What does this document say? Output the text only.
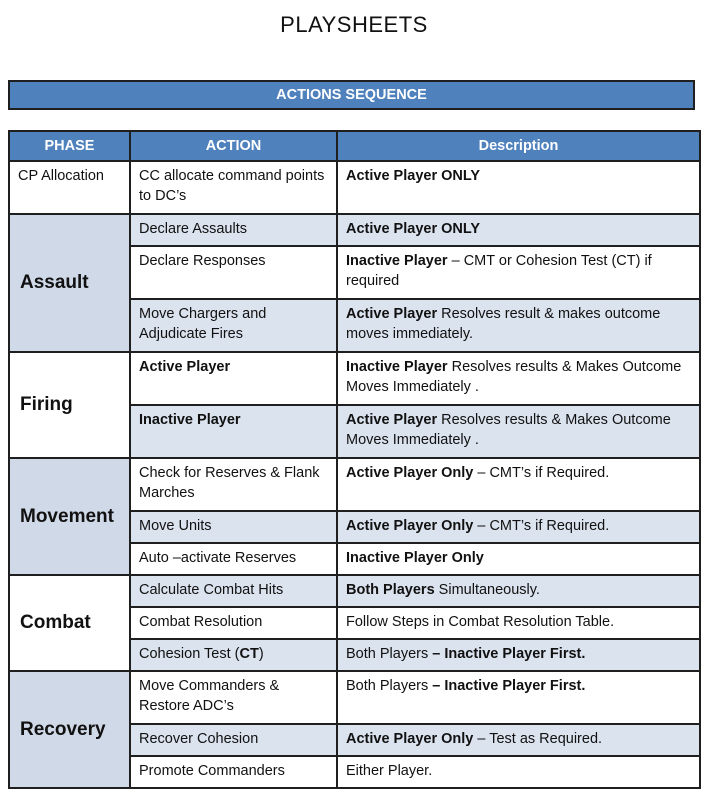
PLAYSHEETS
ACTIONS SEQUENCE
PHASE	ACTION	Description
CP Allocation	CC allocate command points to DC’s	Active Player ONLY
Assault	Declare Assaults	Active Player ONLY
	Declare Responses	Inactive Player – CMT or Cohesion Test (CT) if required
	Move Chargers and Adjudicate Fires	Active Player Resolves result & makes outcome moves immediately.
Firing	Active Player	Inactive Player Resolves results & Makes Outcome Moves Immediately .
	Inactive Player	Active Player Resolves results & Makes Outcome Moves Immediately .
Movement	Check for Reserves & Flank Marches	Active Player Only – CMT’s if Required.
	Move Units	Active Player Only – CMT’s if Required.
	Auto –activate Reserves	Inactive Player Only
Combat	Calculate Combat Hits	Both Players Simultaneously.
	Combat Resolution	Follow Steps in Combat Resolution Table.
	Cohesion Test (CT)	Both Players – Inactive Player First.
Recovery	Move Commanders & Restore ADC’s	Both Players – Inactive Player First.
	Recover Cohesion	Active Player Only – Test as Required.
	Promote Commanders	Either Player.
